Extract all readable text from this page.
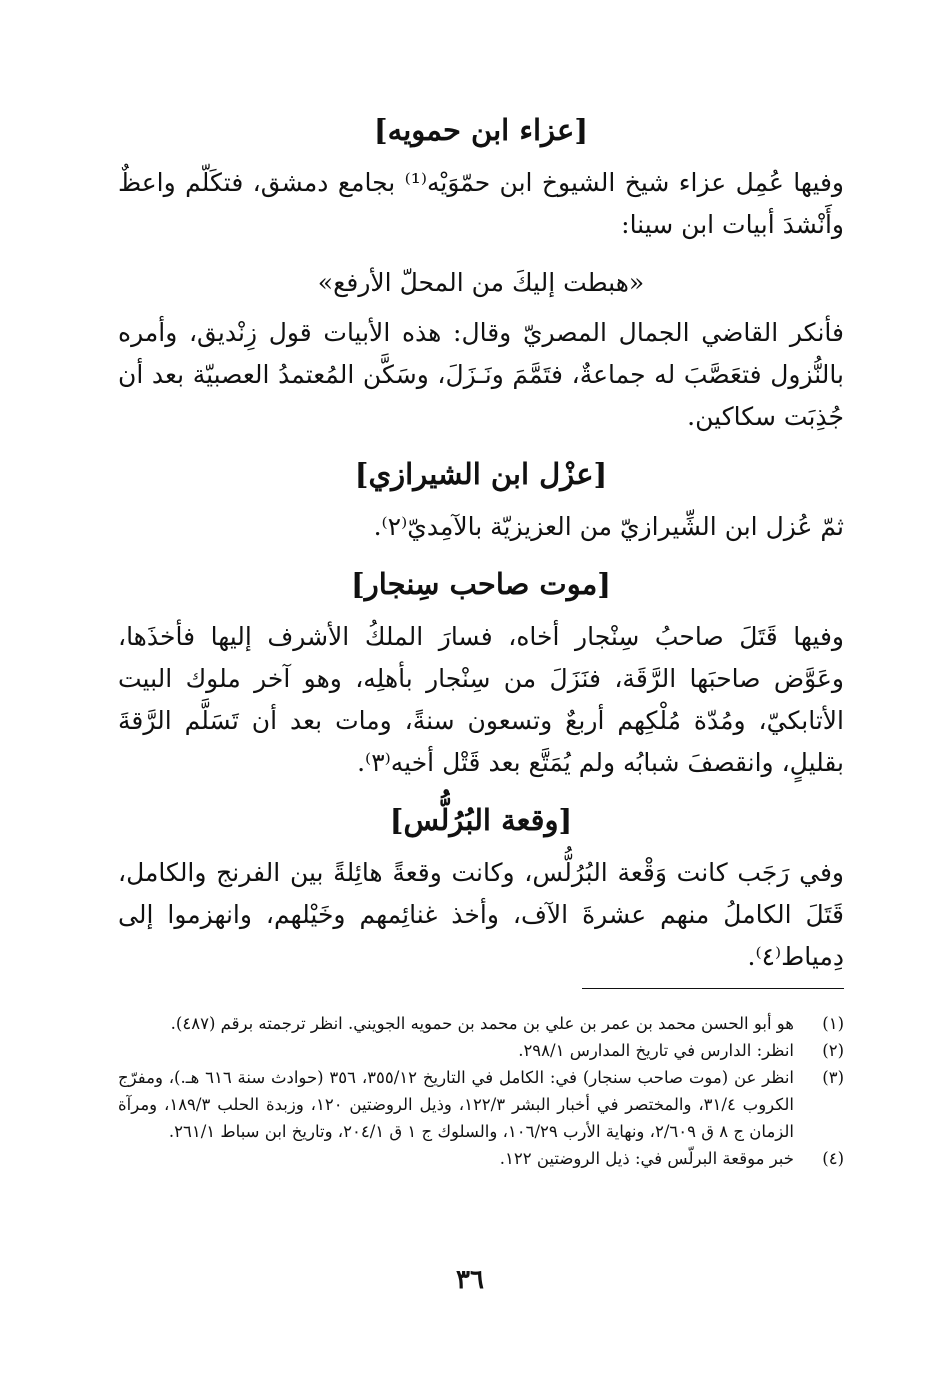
[عزاء ابن حمويه]

وفيها عُمِل عزاء شيخ الشيوخ ابن حمّوَيْه⁽¹⁾ بجامع دمشق، فتكَلّم واعظٌ وأَنْشدَ أبيات ابن سينا:

«هبطت إليكَ من المحلّ الأرفع»

فأنكر القاضي الجمال المصريّ وقال: هذه الأبيات قول زِنْديق، وأمره بالنُّزول فتعَصَّبَ له جماعةٌ، فتَمَّمَ ونَـزَلَ، وسَكَّن المُعتمدُ العصبيّة بعد أن جُذِبَت سكاكين.

[عزْل ابن الشيرازي]

ثمّ عُزل ابن الشِّيرازيّ من العزيزيّة بالآمِديّ⁽٢⁾.

[موت صاحب سِنجار]

وفيها قَتَلَ صاحبُ سِنْجار أخاه، فسارَ الملكُ الأشرف إليها فأخذَها، وعَوَّض صاحبَها الرَّقَة، فنَزَلَ من سِنْجار بأهلِه، وهو آخر ملوك البيت الأتابكيّ، ومُدّة مُلْكِهم أربعٌ وتسعون سنةً، ومات بعد أن تَسَلَّم الرَّقةَ بقليلٍ، وانقصفَ شبابُه ولم يُمَتَّع بعد قَتْل أخيه⁽٣⁾.

[وقعة البُرُلُّس]

وفي رَجَب كانت وَقْعة البُرُلُّس، وكانت وقعةً هائِلةً بين الفرنج والكامل، قَتَلَ الكاملُ منهم عشرةَ الآف، وأخذ غنائِمهم وخَيْلهم، وانهزموا إلى دِمياط⁽٤⁾.

(١)
هو أبو الحسن محمد بن عمر بن علي بن محمد بن حمويه الجويني. انظر ترجمته برقم (٤٨٧).
(٢)
انظر: الدارس في تاريخ المدارس ٢٩٨/١.
(٣)
انظر عن (موت صاحب سنجار) في: الكامل في التاريخ ٣٥٥/١٢، ٣٥٦ (حوادث سنة ٦١٦ هـ.)، ومفرّج الكروب ٣١/٤، والمختصر في أخبار البشر ١٢٢/٣، وذيل الروضتين ١٢٠، وزبدة الحلب ١٨٩/٣، ومرآة الزمان ج ٨ ق ٢/٦٠٩، ونهاية الأرب ١٠٦/٢٩، والسلوك ج ١ ق ٢٠٤/١، وتاريخ ابن سباط ٢٦١/١.
(٤)
خبر موقعة البرلّس في: ذيل الروضتين ١٢٢.
٣٦
